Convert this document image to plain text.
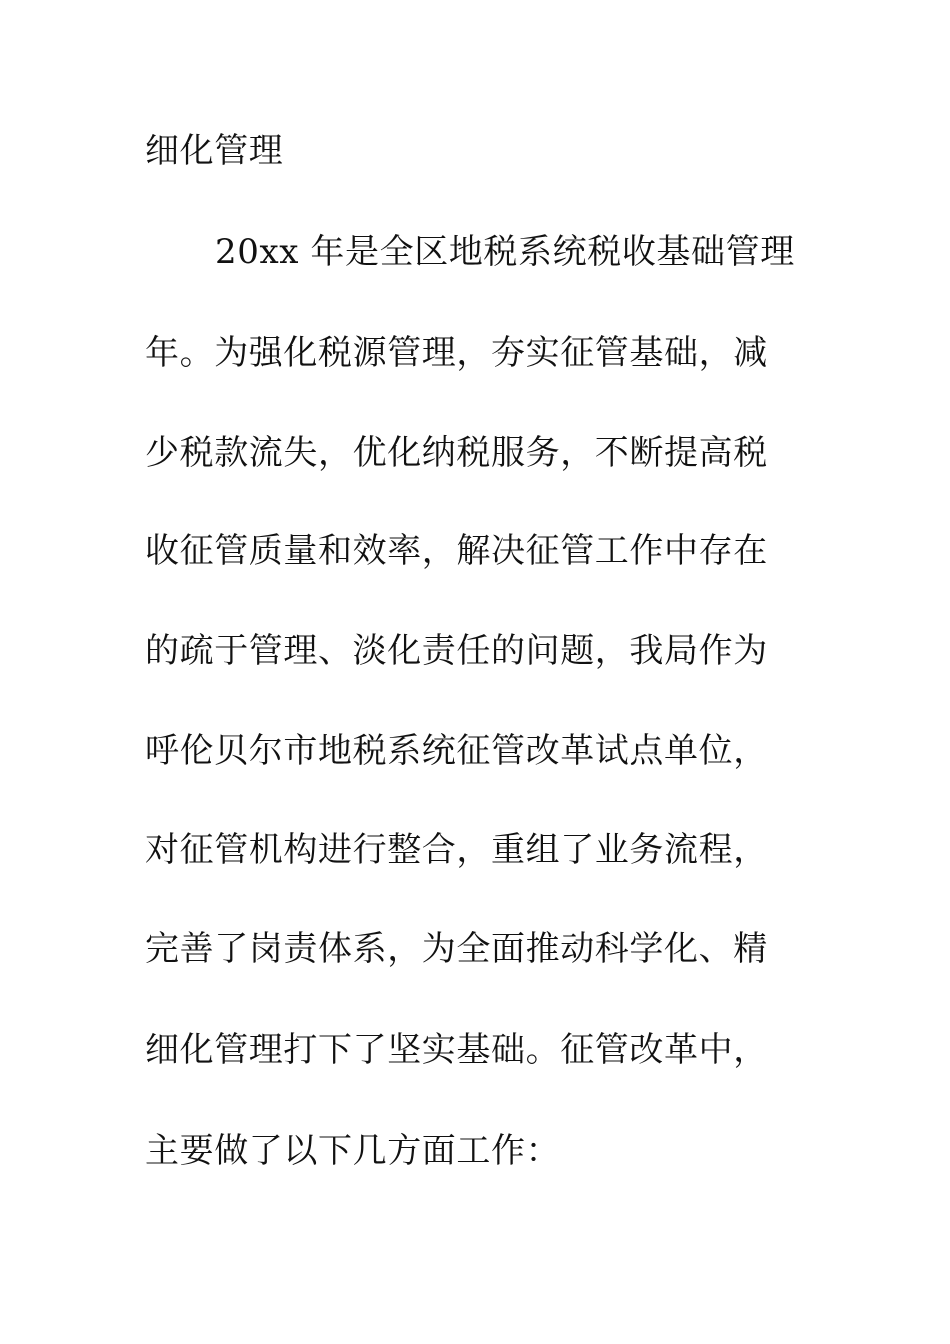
细化管理

20xx 年是全区地税系统税收基础管理

年。为强化税源管理，夯实征管基础，减

少税款流失，优化纳税服务，不断提高税

收征管质量和效率，解决征管工作中存在

的疏于管理、淡化责任的问题，我局作为

呼伦贝尔市地税系统征管改革试点单位，

对征管机构进行整合，重组了业务流程，

完善了岗责体系，为全面推动科学化、精

细化管理打下了坚实基础。征管改革中，

主要做了以下几方面工作：
